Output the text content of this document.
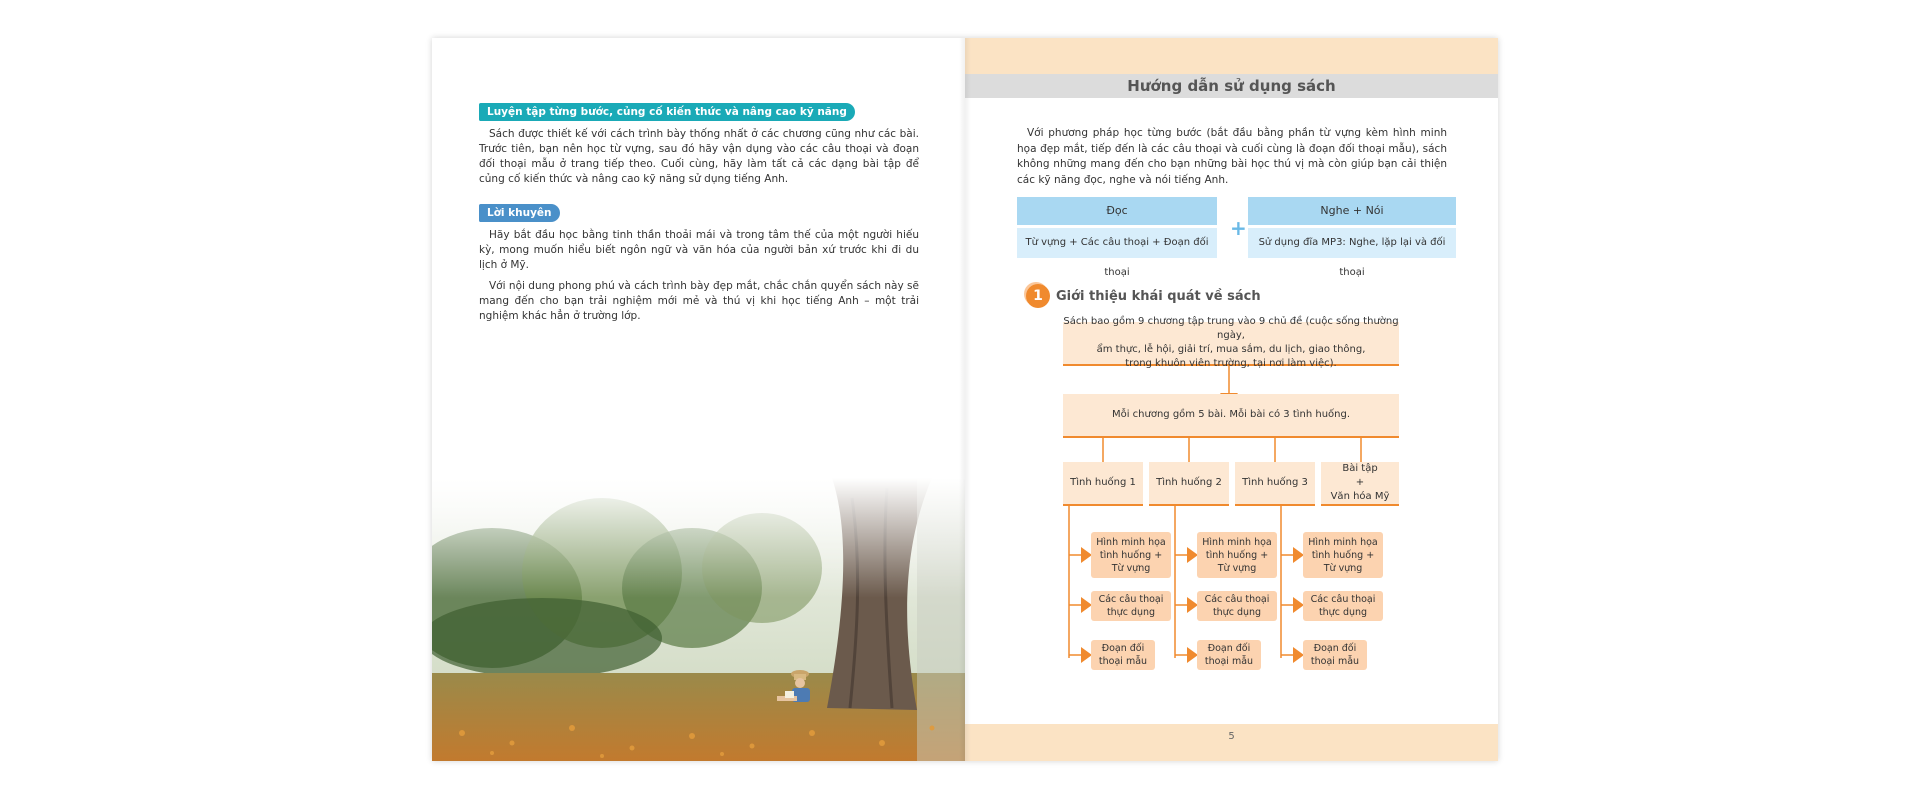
Luyện tập từng bước, củng cố kiến thức và nâng cao kỹ năng

Sách được thiết kế với cách trình bày thống nhất ở các chương cũng như các bài. Trước tiên, bạn nên học từ vựng, sau đó hãy vận dụng vào các câu thoại và đoạn đối thoại mẫu ở trang tiếp theo. Cuối cùng, hãy làm tất cả các dạng bài tập để củng cố kiến thức và nâng cao kỹ năng sử dụng tiếng Anh.

Lời khuyên

Hãy bắt đầu học bằng tinh thần thoải mái và trong tâm thế của một người hiếu kỳ, mong muốn hiểu biết ngôn ngữ và văn hóa của người bản xứ trước khi đi du lịch ở Mỹ.

Với nội dung phong phú và cách trình bày đẹp mắt, chắc chắn quyển sách này sẽ mang đến cho bạn trải nghiệm mới mẻ và thú vị khi học tiếng Anh – một trải nghiệm khác hẳn ở trường lớp.

Hướng dẫn sử dụng sách

Với phương pháp học từng bước (bắt đầu bằng phần từ vựng kèm hình minh họa đẹp mắt, tiếp đến là các câu thoại và cuối cùng là đoạn đối thoại mẫu), sách không những mang đến cho bạn những bài học thú vị mà còn giúp bạn cải thiện các kỹ năng đọc, nghe và nói tiếng Anh.

Đọc
Từ vựng + Các câu thoại + Đoạn đối thoại
+
Nghe + Nói
Sử dụng đĩa MP3: Nghe, lặp lại và đối thoại
1	Giới thiệu khái quát về sách
Sách bao gồm 9 chương tập trung vào 9 chủ đề (cuộc sống thường ngày,
ẩm thực, lễ hội, giải trí, mua sắm, du lịch, giao thông,
trong khuôn viên trường, tại nơi làm việc).
Mỗi chương gồm 5 bài. Mỗi bài có 3 tình huống.
Tình huống 1	Tình huống 2	Tình huống 3
Bài tập
+
Văn hóa Mỹ
Hình minh họa
tình huống +
Từ vựng
Các câu thoại
thực dụng
Đoạn đối
thoại mẫu
Hình minh họa
tình huống +
Từ vựng
Các câu thoại
thực dụng
Đoạn đối
thoại mẫu
Hình minh họa
tình huống +
Từ vựng
Các câu thoại
thực dụng
Đoạn đối
thoại mẫu
5
